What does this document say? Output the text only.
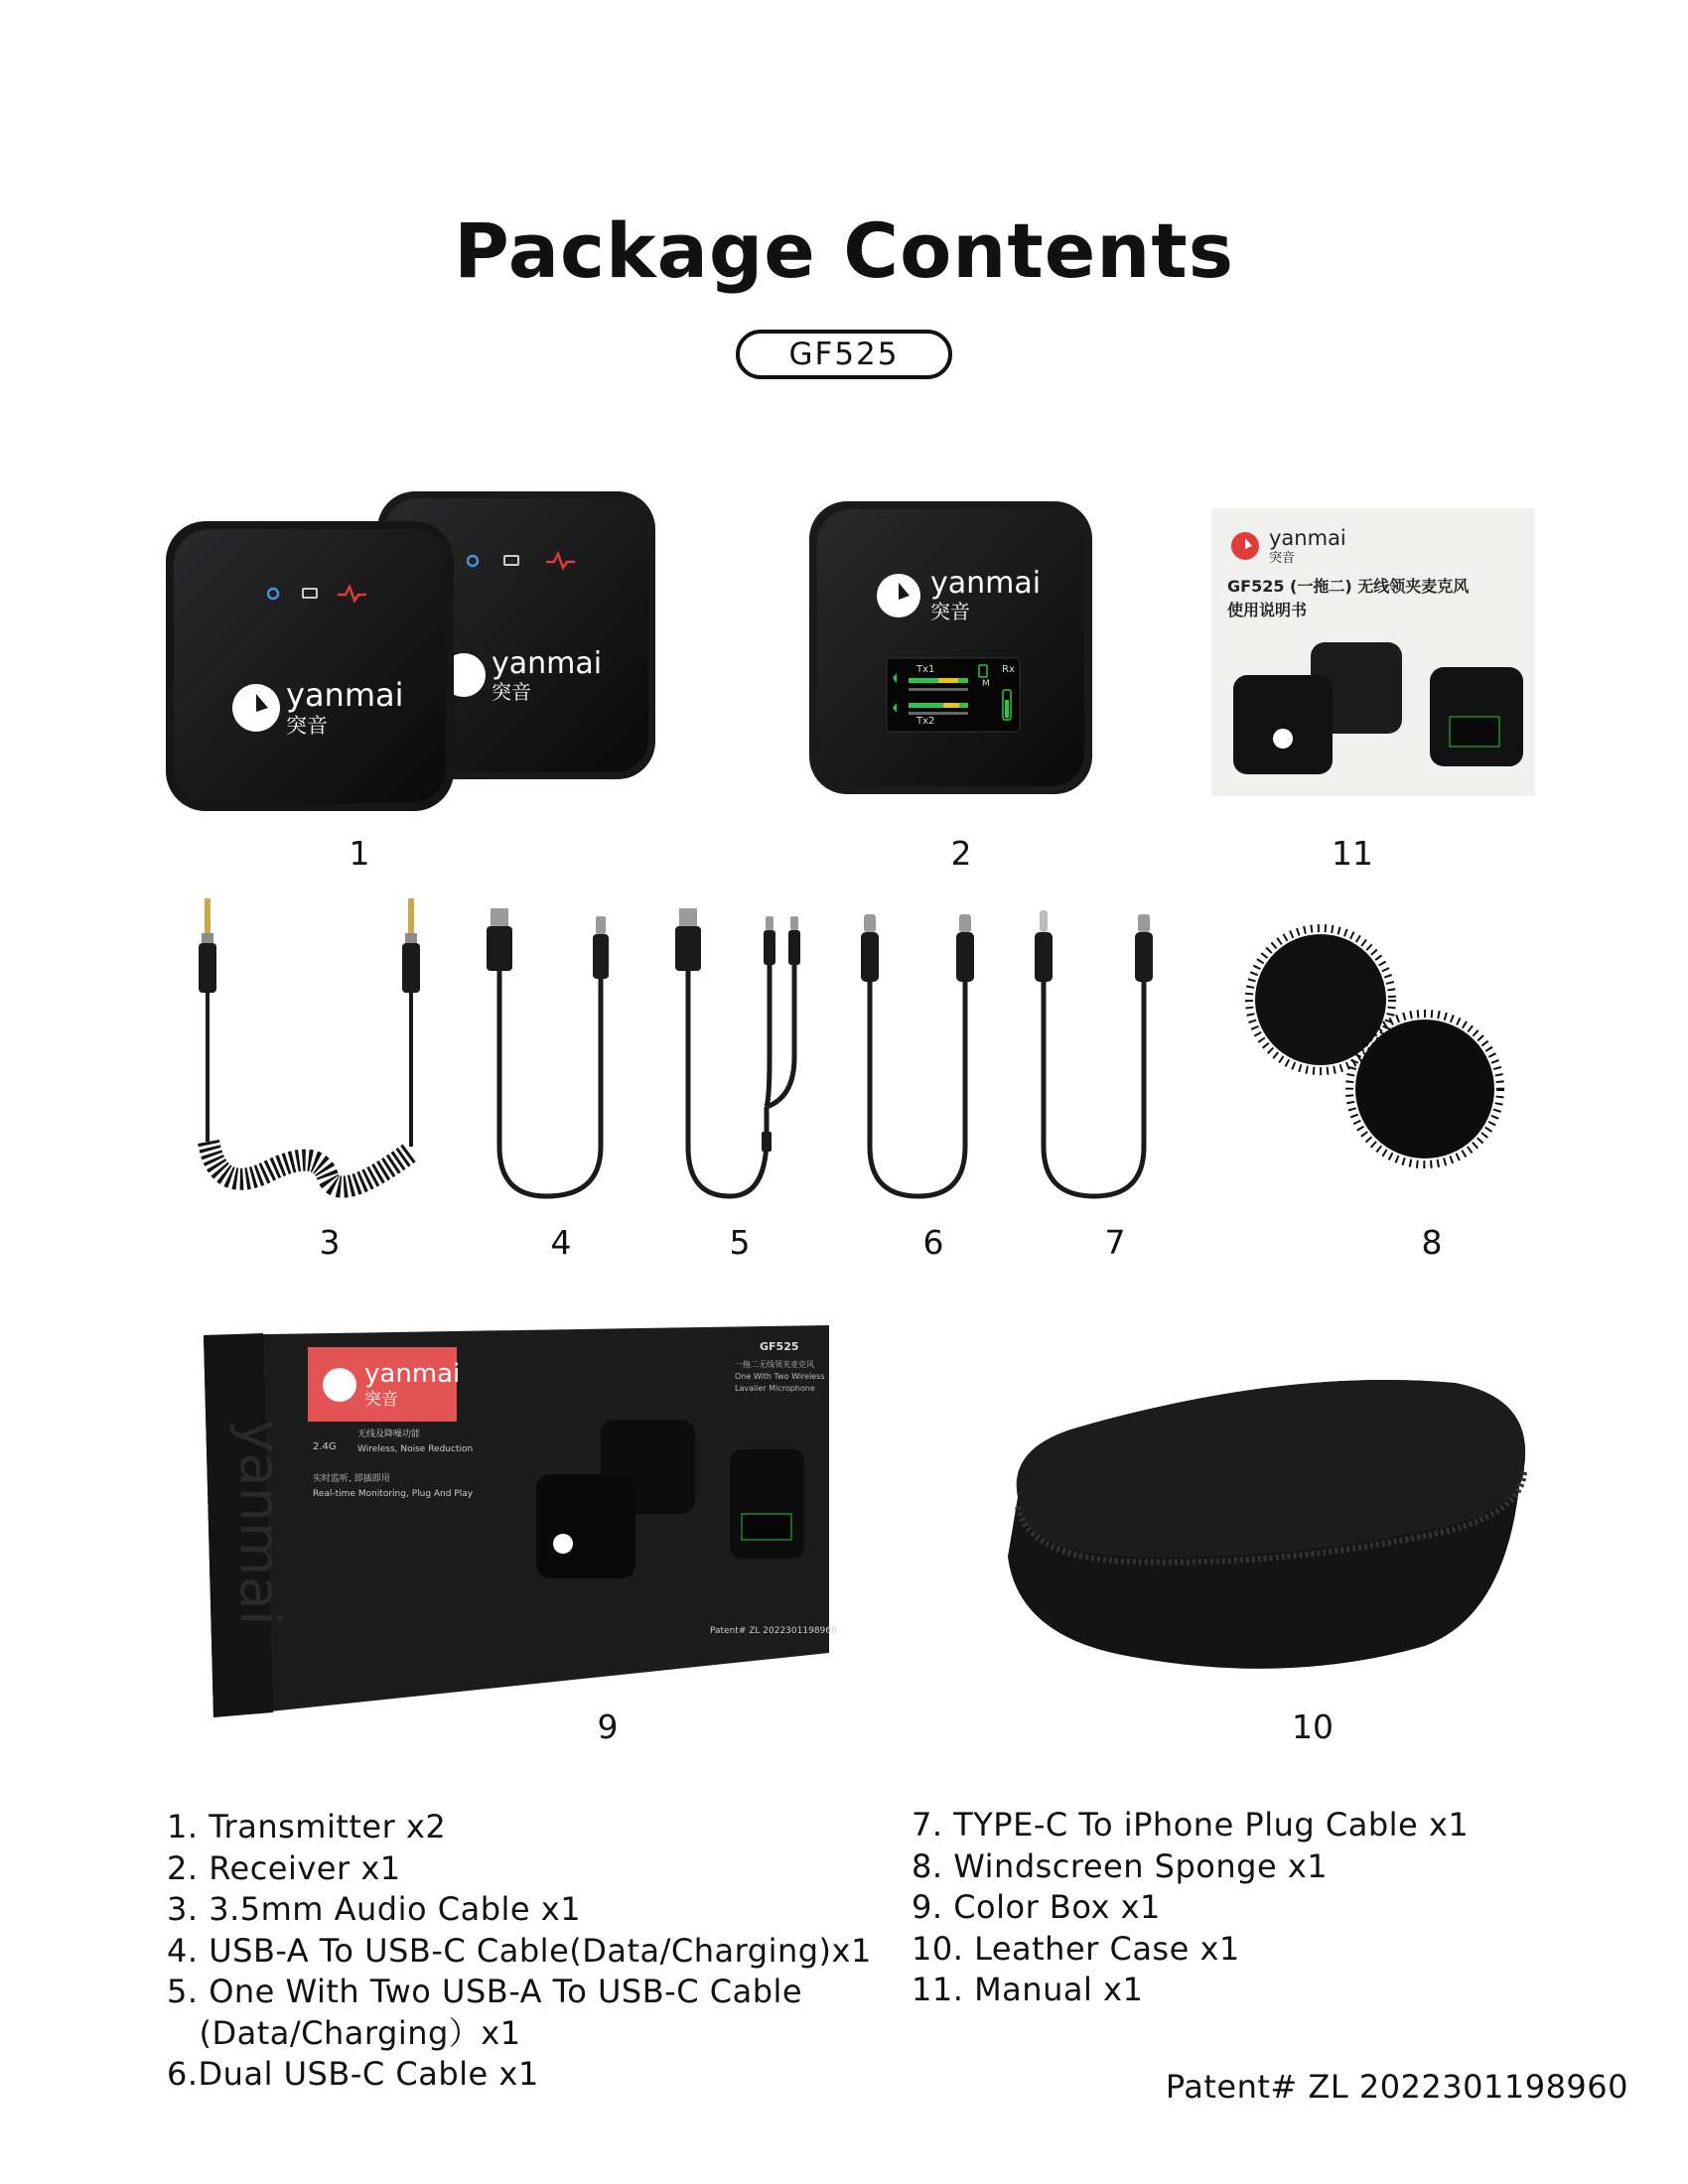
Package Contents
GF525
yanmai
突音
yanmai
突音
1
yanmai
突音
Tx1
Tx2
Rx
M
2
yanmai
突音
GF525 (一拖二) 无线领夹麦克风
使用说明书
11
3	4	5	6	7	8
yanmai
yanmai
突音
GF525
一拖二无线领夹麦克风
One With Two Wireless
Lavalier Microphone
2.4G
无线及降噪功能
Wireless, Noise Reduction
实时监听, 即插即用
Real-time Monitoring, Plug And Play
Patent# ZL 2022301198960
9	10
1. Transmitter x2
2. Receiver x1
3. 3.5mm Audio Cable x1
4. USB-A To USB-C Cable(Data/Charging)x1
5. One With Two USB-A To USB-C Cable
　(Data/Charging）x1
6.Dual USB-C Cable x1
7. TYPE-C To iPhone Plug Cable x1
8. Windscreen Sponge x1
9. Color Box x1
10. Leather Case x1
11. Manual x1
Patent# ZL 2022301198960
